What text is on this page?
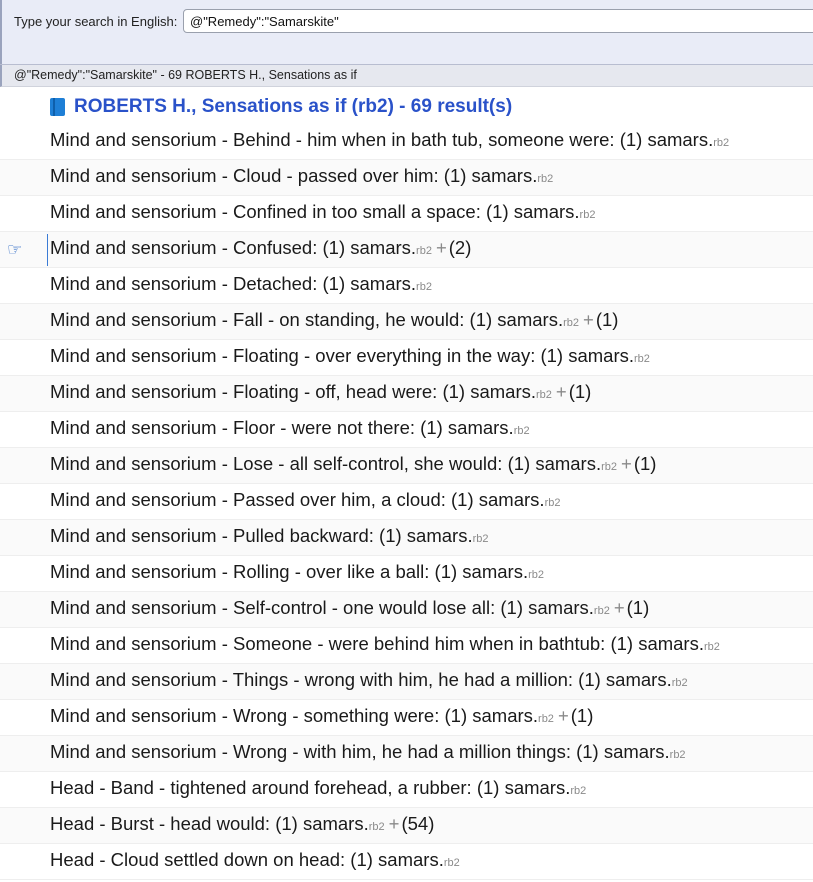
Type your search in English:
@"Remedy":"Samarskite"
@"Remedy":"Samarskite" - 69 ROBERTS H., Sensations as if
ROBERTS H., Sensations as if (rb2) - 69 result(s)
Mind and sensorium - Behind - him when in bath tub, someone were: (1) samars.rb2
Mind and sensorium - Cloud - passed over him: (1) samars.rb2
Mind and sensorium - Confined in too small a space: (1) samars.rb2
☞	Mind and sensorium - Confused: (1) samars.rb2 + (2)
Mind and sensorium - Detached: (1) samars.rb2
Mind and sensorium - Fall - on standing, he would: (1) samars.rb2 + (1)
Mind and sensorium - Floating - over everything in the way: (1) samars.rb2
Mind and sensorium - Floating - off, head were: (1) samars.rb2 + (1)
Mind and sensorium - Floor - were not there: (1) samars.rb2
Mind and sensorium - Lose - all self-control, she would: (1) samars.rb2 + (1)
Mind and sensorium - Passed over him, a cloud: (1) samars.rb2
Mind and sensorium - Pulled backward: (1) samars.rb2
Mind and sensorium - Rolling - over like a ball: (1) samars.rb2
Mind and sensorium - Self-control - one would lose all: (1) samars.rb2 + (1)
Mind and sensorium - Someone - were behind him when in bathtub: (1) samars.rb2
Mind and sensorium - Things - wrong with him, he had a million: (1) samars.rb2
Mind and sensorium - Wrong - something were: (1) samars.rb2 + (1)
Mind and sensorium - Wrong - with him, he had a million things: (1) samars.rb2
Head - Band - tightened around forehead, a rubber: (1) samars.rb2
Head - Burst - head would: (1) samars.rb2 + (54)
Head - Cloud settled down on head: (1) samars.rb2
